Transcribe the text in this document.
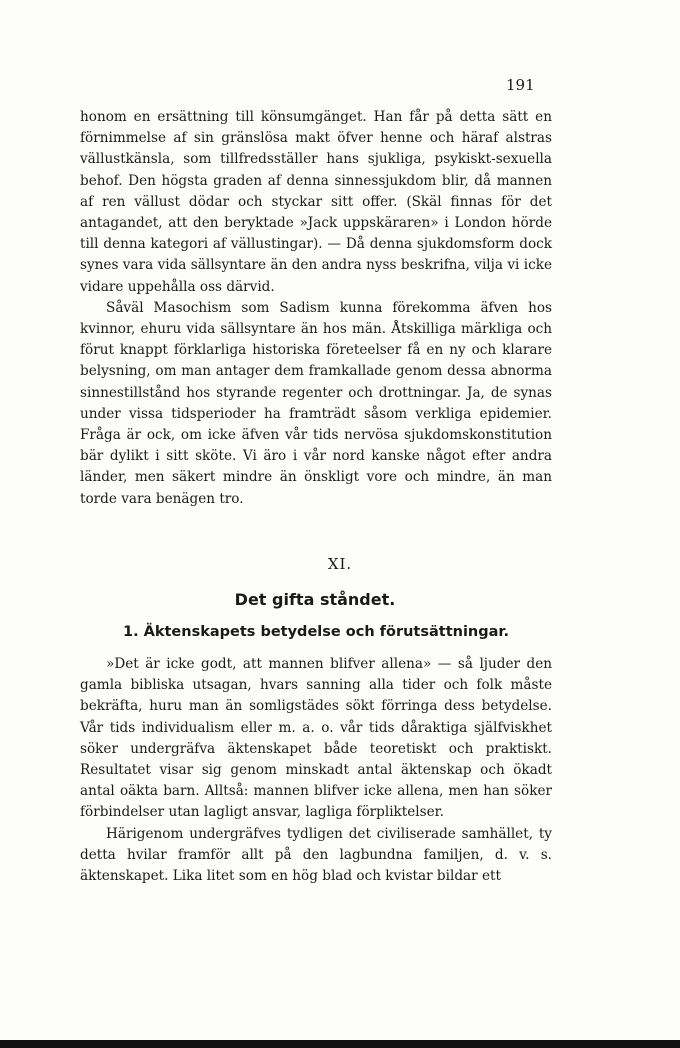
191

honom en ersättning till könsumgänget. Han får på detta sätt en förnimmelse af sin gränslösa makt öfver henne och häraf alstras vällustkänsla, som tillfredsställer hans sjukliga, psykiskt-sexuella behof. Den högsta graden af denna sinnessjukdom blir, då mannen af ren vällust dödar och styckar sitt offer. (Skäl finnas för det antagandet, att den beryktade »Jack uppskäraren» i London hörde till denna kategori af vällustingar). — Då denna sjukdomsform dock synes vara vida sällsyntare än den andra nyss beskrifna, vilja vi icke vidare uppehålla oss därvid.

Såväl Masochism som Sadism kunna förekomma äfven hos kvinnor, ehuru vida sällsyntare än hos män. Åtskilliga märkliga och förut knappt förklarliga historiska företeelser få en ny och klarare belysning, om man antager dem framkallade genom dessa abnorma sinnestillstånd hos styrande regenter och drottningar. Ja, de synas under vissa tidsperioder ha framträdt såsom verkliga epidemier. Fråga är ock, om icke äfven vår tids nervösa sjukdomskonstitution bär dylikt i sitt sköte. Vi äro i vår nord kanske något efter andra länder, men säkert mindre än önskligt vore och mindre, än man torde vara benägen tro.

XI.
Det gifta ståndet.
1. Äktenskapets betydelse och förutsättningar.

»Det är icke godt, att mannen blifver allena» — så ljuder den gamla bibliska utsagan, hvars sanning alla tider och folk måste bekräfta, huru man än somligstädes sökt förringa dess betydelse. Vår tids individualism eller m. a. o. vår tids dåraktiga själfviskhet söker undergräfva äktenskapet både teoretiskt och praktiskt. Resultatet visar sig genom minskadt antal äktenskap och ökadt antal oäkta barn. Alltså: mannen blifver icke allena, men han söker förbindelser utan lagligt ansvar, lagliga förpliktelser.

Härigenom undergräfves tydligen det civiliserade samhället, ty detta hvilar framför allt på den lagbundna familjen, d. v. s. äktenskapet. Lika litet som en hög blad och kvistar bildar ett
